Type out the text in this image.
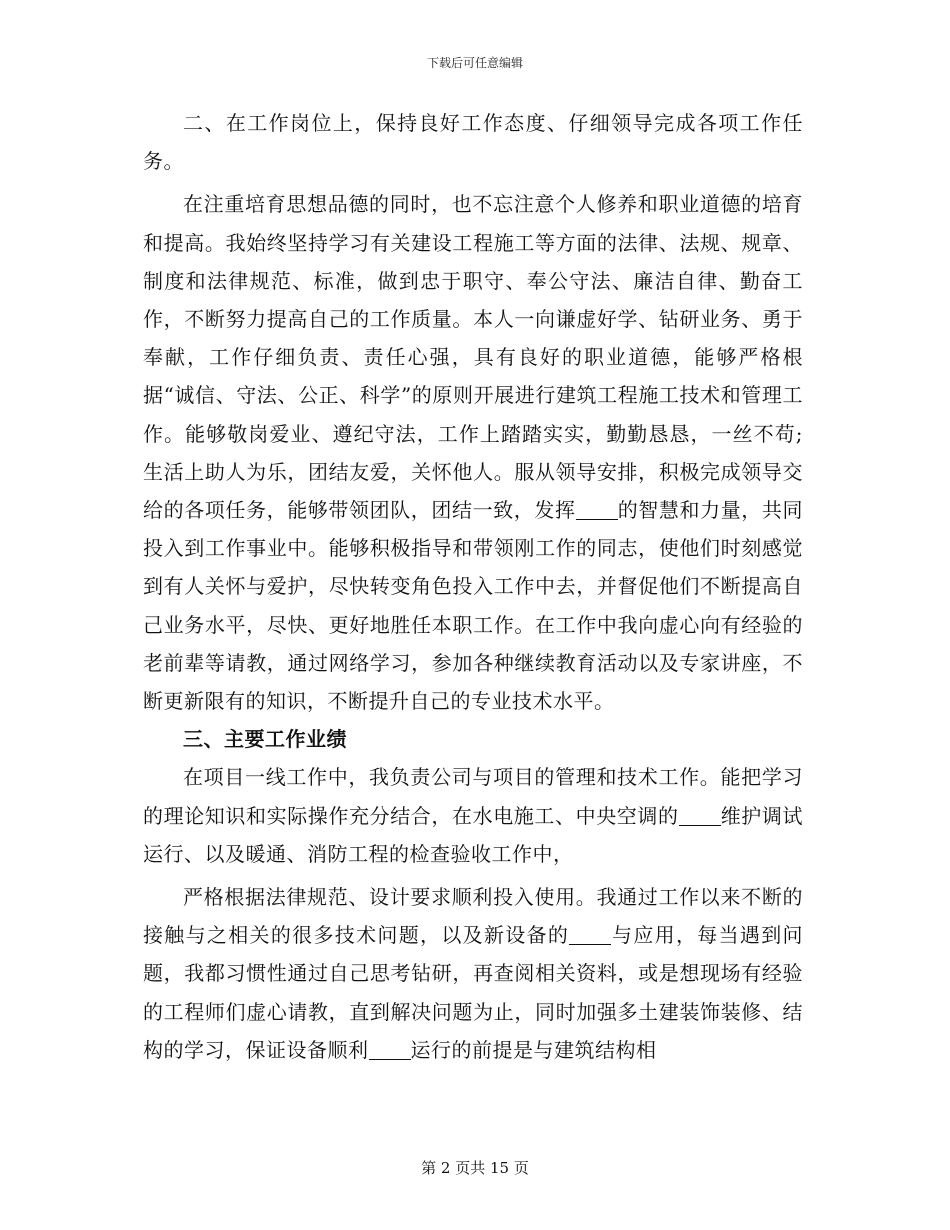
下载后可任意编辑

二、在工作岗位上，保持良好工作态度、仔细领导完成各项工作任务。

在注重培育思想品德的同时，也不忘注意个人修养和职业道德的培育和提高。我始终坚持学习有关建设工程施工等方面的法律、法规、规章、制度和法律规范、标准，做到忠于职守、奉公守法、廉洁自律、勤奋工作，不断努力提高自己的工作质量。本人一向谦虚好学、钻研业务、勇于奉献，工作仔细负责、责任心强，具有良好的职业道德，能够严格根据“诚信、守法、公正、科学”的原则开展进行建筑工程施工技术和管理工作。能够敬岗爱业、遵纪守法，工作上踏踏实实，勤勤恳恳，一丝不苟;生活上助人为乐，团结友爱，关怀他人。服从领导安排，积极完成领导交给的各项任务，能够带领团队，团结一致，发挥 的智慧和力量，共同投入到工作事业中。能够积极指导和带领刚工作的同志，使他们时刻感觉到有人关怀与爱护，尽快转变角色投入工作中去，并督促他们不断提高自己业务水平，尽快、更好地胜任本职工作。在工作中我向虚心向有经验的老前辈等请教，通过网络学习，参加各种继续教育活动以及专家讲座，不断更新限有的知识，不断提升自己的专业技术水平。

三、主要工作业绩

在项目一线工作中，我负责公司与项目的管理和技术工作。能把学习的理论知识和实际操作充分结合，在水电施工、中央空调的 维护调试运行、以及暖通、消防工程的检查验收工作中，

严格根据法律规范、设计要求顺利投入使用。我通过工作以来不断的接触与之相关的很多技术问题，以及新设备的 与应用，每当遇到问题，我都习惯性通过自己思考钻研，再查阅相关资料，或是想现场有经验的工程师们虚心请教，直到解决问题为止，同时加强多土建装饰装修、结构的学习，保证设备顺利 运行的前提是与建筑结构相

第 2 页共 15 页
